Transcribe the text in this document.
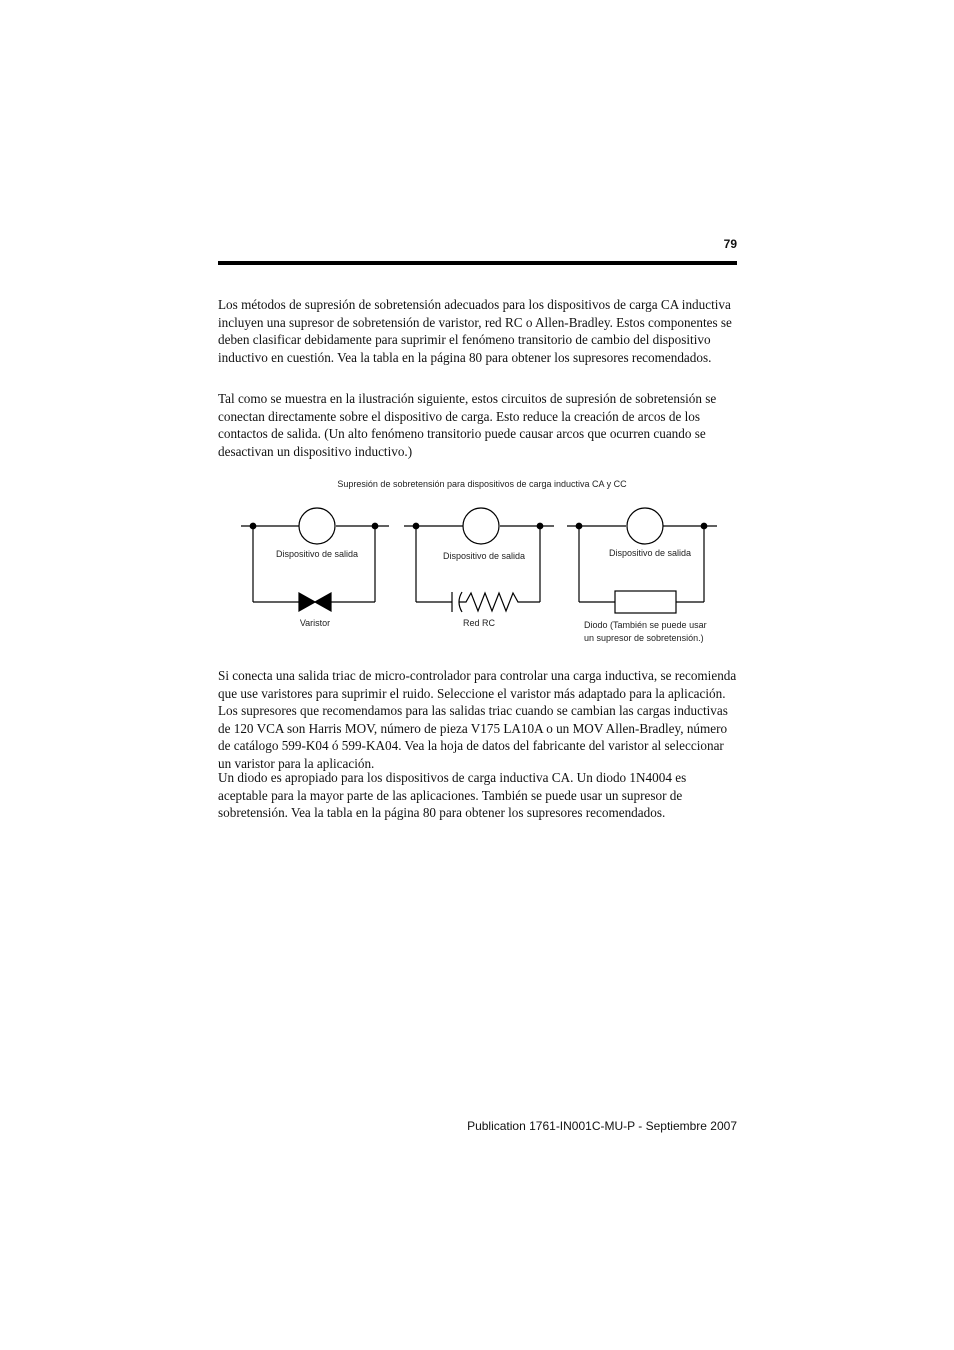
79

Los métodos de supresión de sobretensión adecuados para los dispositivos de carga CA inductiva incluyen una supresor de sobretensión de varistor, red RC o Allen-Bradley. Estos componentes se deben clasificar debidamente para suprimir el fenómeno transitorio de cambio del dispositivo inductivo en cuestión. Vea la tabla en la página 80 para obtener los supresores recomendados.

Tal como se muestra en la ilustración siguiente, estos circuitos de supresión de sobretensión se conectan directamente sobre el dispositivo de carga. Esto reduce la creación de arcos de los contactos de salida. (Un alto fenómeno transitorio puede causar arcos que ocurren cuando se desactivan un dispositivo inductivo.)

Supresión de sobretensión para dispositivos de carga inductiva CA y CC
Dispositivo de salida	Dispositivo de salida	Dispositivo de salida
Varistor	Red RC	Diodo (También se puede usar
un supresor de sobretensión.)

Si conecta una salida triac de micro-controlador para controlar una carga inductiva, se recomienda que use varistores para suprimir el ruido. Seleccione el varistor más adaptado para la aplicación. Los supresores que recomendamos para las salidas triac cuando se cambian las cargas inductivas de 120 VCA son Harris MOV, número de pieza V175 LA10A o un MOV Allen-Bradley, número de catálogo 599-K04 ó 599-KA04. Vea la hoja de datos del fabricante del varistor al seleccionar un varistor para la aplicación.

Un diodo es apropiado para los dispositivos de carga inductiva CA. Un diodo 1N4004 es aceptable para la mayor parte de las aplicaciones. También se puede usar un supresor de sobretensión. Vea la tabla en la página 80 para obtener los supresores recomendados.

Publication 1761-IN001C-MU-P - Septiembre 2007
